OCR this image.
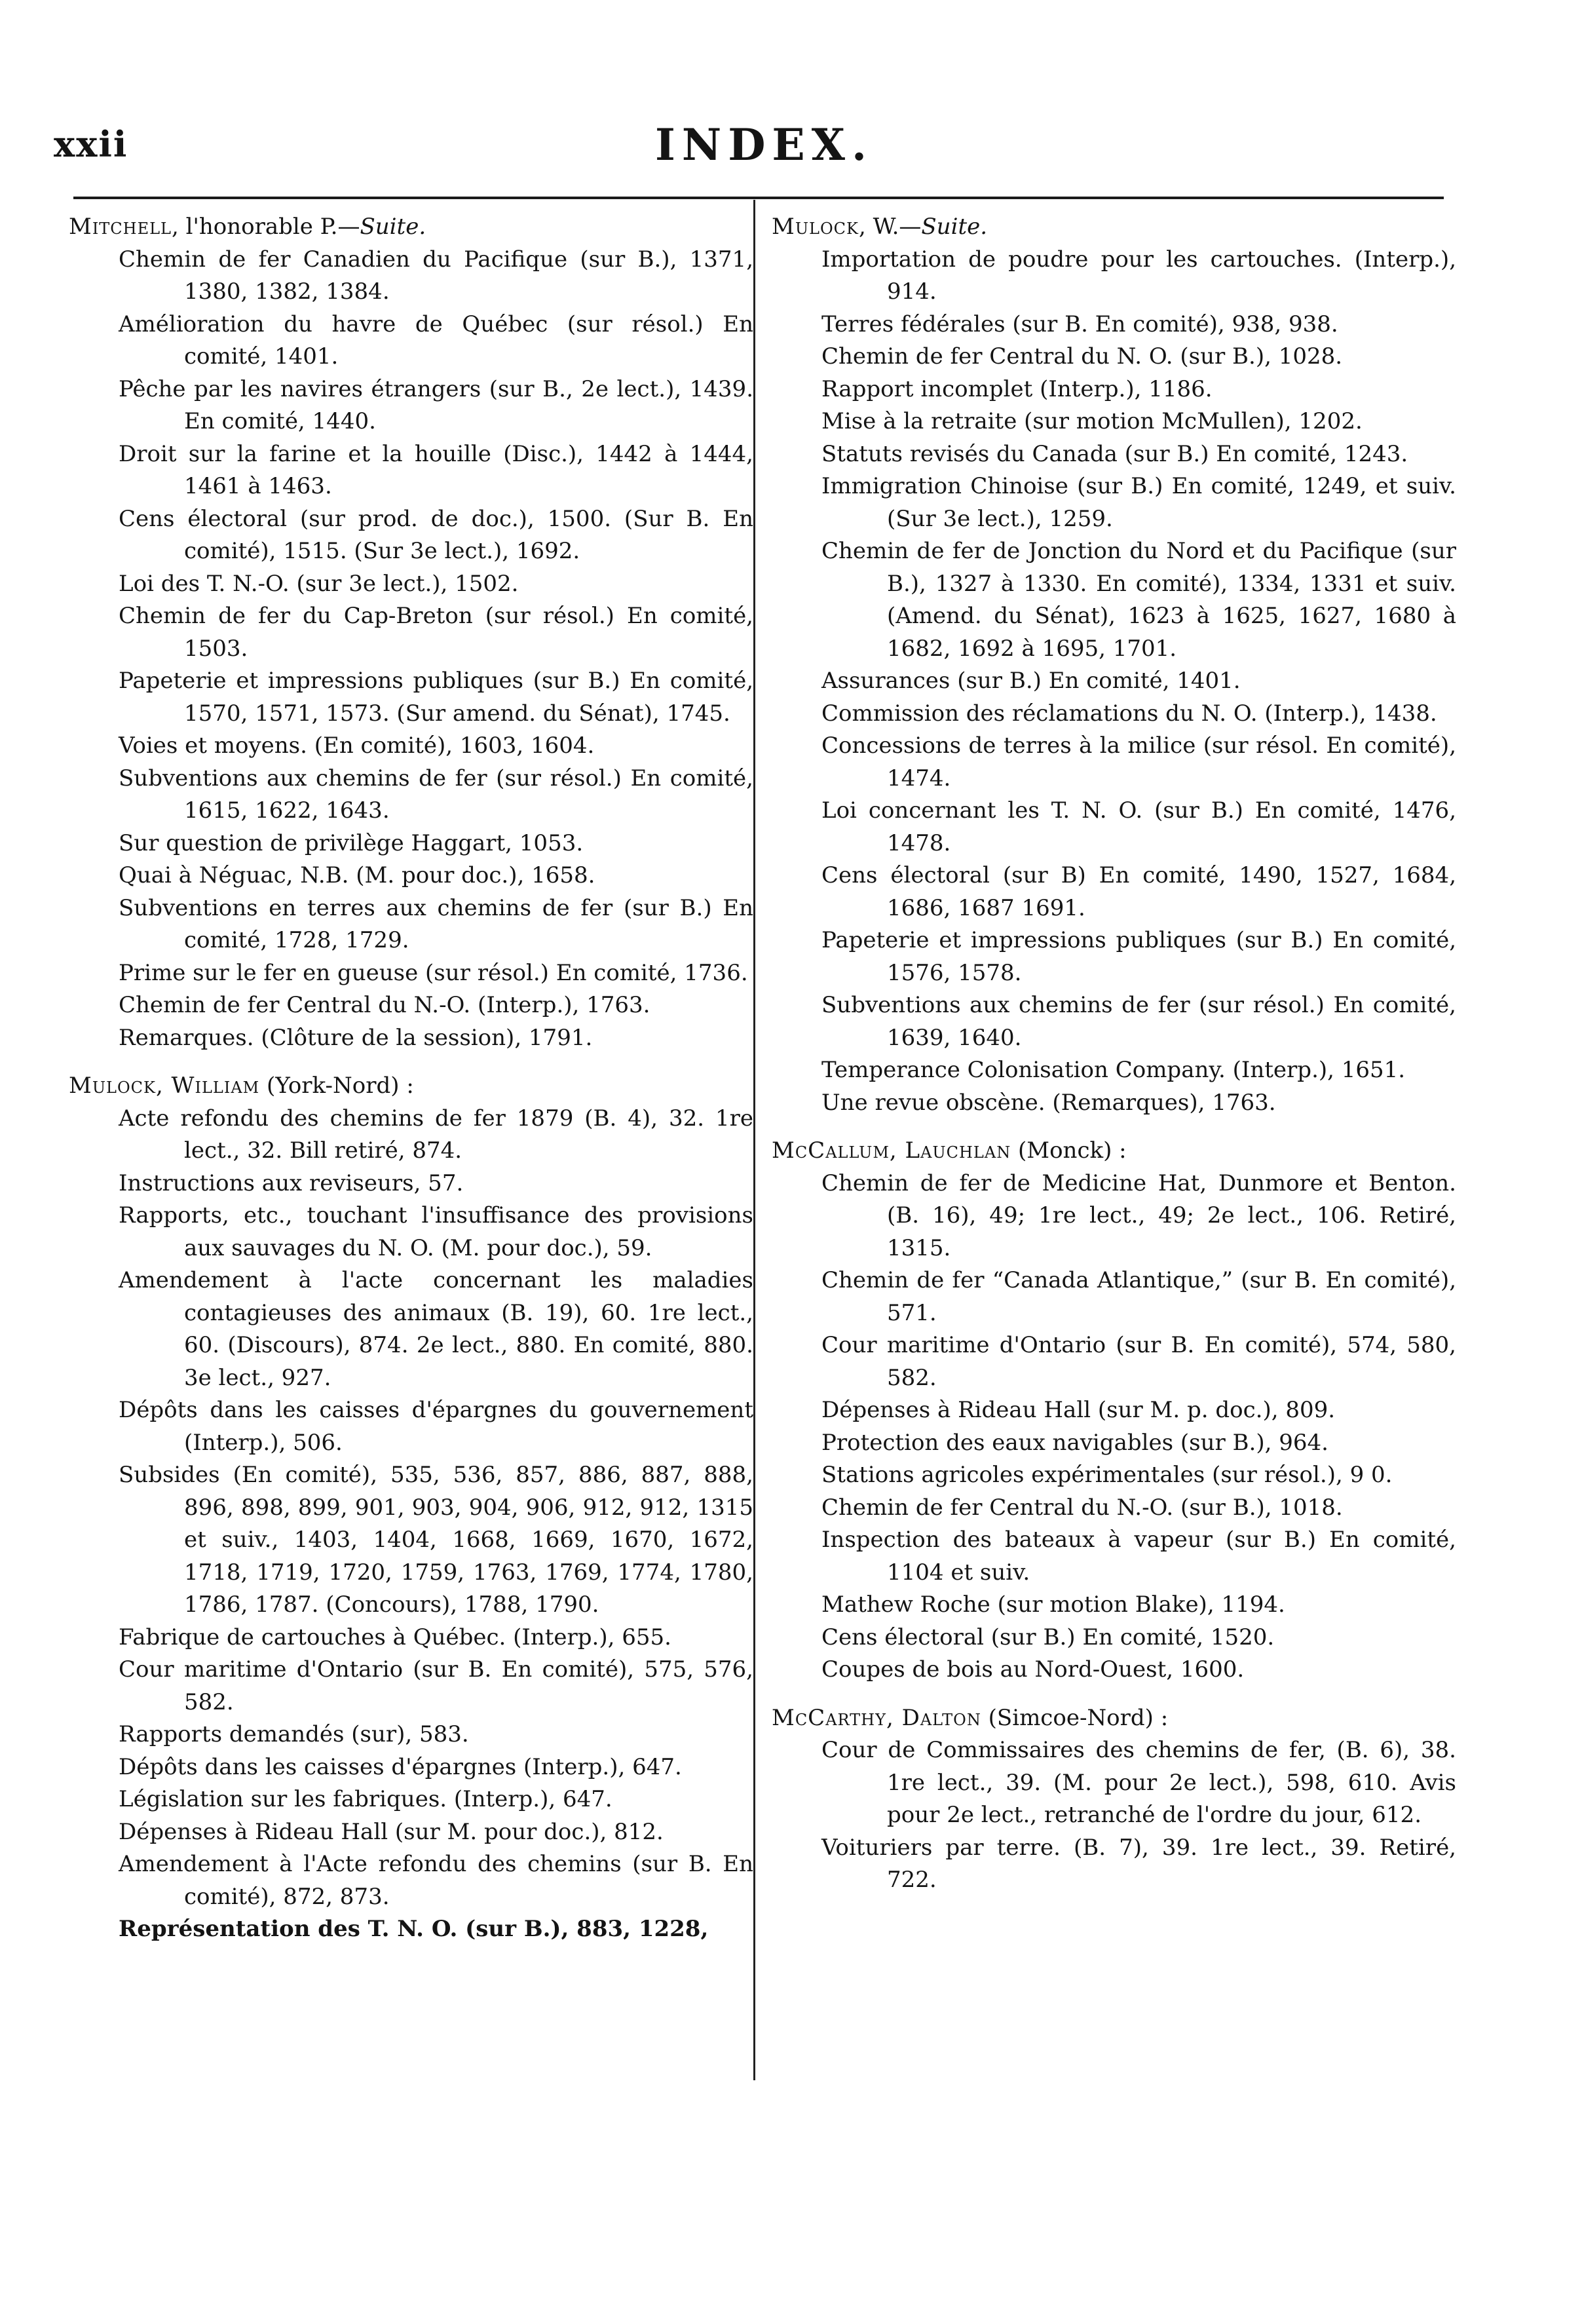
xxii	INDEX.

Mitchell, l'honorable P.—Suite.

Chemin de fer Canadien du Pacifique (sur B.), 1371, 1380, 1382, 1384.

Amélioration du havre de Québec (sur résol.) En comité, 1401.

Pêche par les navires étrangers (sur B., 2e lect.), 1439. En comité, 1440.

Droit sur la farine et la houille (Disc.), 1442 à 1444, 1461 à 1463.

Cens électoral (sur prod. de doc.), 1500. (Sur B. En comité), 1515. (Sur 3e lect.), 1692.

Loi des T. N.-O. (sur 3e lect.), 1502.

Chemin de fer du Cap-Breton (sur résol.) En comité, 1503.

Papeterie et impressions publiques (sur B.) En comité, 1570, 1571, 1573. (Sur amend. du Sénat), 1745.

Voies et moyens. (En comité), 1603, 1604.

Subventions aux chemins de fer (sur résol.) En comité, 1615, 1622, 1643.

Sur question de privilège Haggart, 1053.

Quai à Néguac, N.B. (M. pour doc.), 1658.

Subventions en terres aux chemins de fer (sur B.) En comité, 1728, 1729.

Prime sur le fer en gueuse (sur résol.) En comité, 1736.

Chemin de fer Central du N.-O. (Interp.), 1763.

Remarques. (Clôture de la session), 1791.

Mulock, William (York-Nord) :

Acte refondu des chemins de fer 1879 (B. 4), 32. 1re lect., 32. Bill retiré, 874.

Instructions aux reviseurs, 57.

Rapports, etc., touchant l'insuffisance des provisions aux sauvages du N. O. (M. pour doc.), 59.

Amendement à l'acte concernant les maladies contagieuses des animaux (B. 19), 60. 1re lect., 60. (Discours), 874. 2e lect., 880. En comité, 880. 3e lect., 927.

Dépôts dans les caisses d'épargnes du gouvernement (Interp.), 506.

Subsides (En comité), 535, 536, 857, 886, 887, 888, 896, 898, 899, 901, 903, 904, 906, 912, 912, 1315 et suiv., 1403, 1404, 1668, 1669, 1670, 1672, 1718, 1719, 1720, 1759, 1763, 1769, 1774, 1780, 1786, 1787. (Concours), 1788, 1790.

Fabrique de cartouches à Québec. (Interp.), 655.

Cour maritime d'Ontario (sur B. En comité), 575, 576, 582.

Rapports demandés (sur), 583.

Dépôts dans les caisses d'épargnes (Interp.), 647.

Législation sur les fabriques. (Interp.), 647.

Dépenses à Rideau Hall (sur M. pour doc.), 812.

Amendement à l'Acte refondu des chemins (sur B. En comité), 872, 873.

Représentation des T. N. O. (sur B.), 883, 1228,

Mulock, W.—Suite.

Importation de poudre pour les cartouches. (Interp.), 914.

Terres fédérales (sur B. En comité), 938, 938.

Chemin de fer Central du N. O. (sur B.), 1028.

Rapport incomplet (Interp.), 1186.

Mise à la retraite (sur motion McMullen), 1202.

Statuts revisés du Canada (sur B.) En comité, 1243.

Immigration Chinoise (sur B.) En comité, 1249, et suiv. (Sur 3e lect.), 1259.

Chemin de fer de Jonction du Nord et du Pacifique (sur B.), 1327 à 1330. En comité), 1334, 1331 et suiv. (Amend. du Sénat), 1623 à 1625, 1627, 1680 à 1682, 1692 à 1695, 1701.

Assurances (sur B.) En comité, 1401.

Commission des réclamations du N. O. (Interp.), 1438.

Concessions de terres à la milice (sur résol. En comité), 1474.

Loi concernant les T. N. O. (sur B.) En comité, 1476, 1478.

Cens électoral (sur B) En comité, 1490, 1527, 1684, 1686, 1687 1691.

Papeterie et impressions publiques (sur B.) En comité, 1576, 1578.

Subventions aux chemins de fer (sur résol.) En comité, 1639, 1640.

Temperance Colonisation Company. (Interp.), 1651.

Une revue obscène. (Remarques), 1763.

McCallum, Lauchlan (Monck) :

Chemin de fer de Medicine Hat, Dunmore et Benton. (B. 16), 49; 1re lect., 49; 2e lect., 106. Retiré, 1315.

Chemin de fer “Canada Atlantique,” (sur B. En comité), 571.

Cour maritime d'Ontario (sur B. En comité), 574, 580, 582.

Dépenses à Rideau Hall (sur M. p. doc.), 809.

Protection des eaux navigables (sur B.), 964.

Stations agricoles expérimentales (sur résol.), 9 0.

Chemin de fer Central du N.-O. (sur B.), 1018.

Inspection des bateaux à vapeur (sur B.) En comité, 1104 et suiv.

Mathew Roche (sur motion Blake), 1194.

Cens électoral (sur B.) En comité, 1520.

Coupes de bois au Nord-Ouest, 1600.

McCarthy, Dalton (Simcoe-Nord) :

Cour de Commissaires des chemins de fer, (B. 6), 38. 1re lect., 39. (M. pour 2e lect.), 598, 610. Avis pour 2e lect., retranché de l'ordre du jour, 612.

Voituriers par terre. (B. 7), 39. 1re lect., 39. Retiré, 722.
